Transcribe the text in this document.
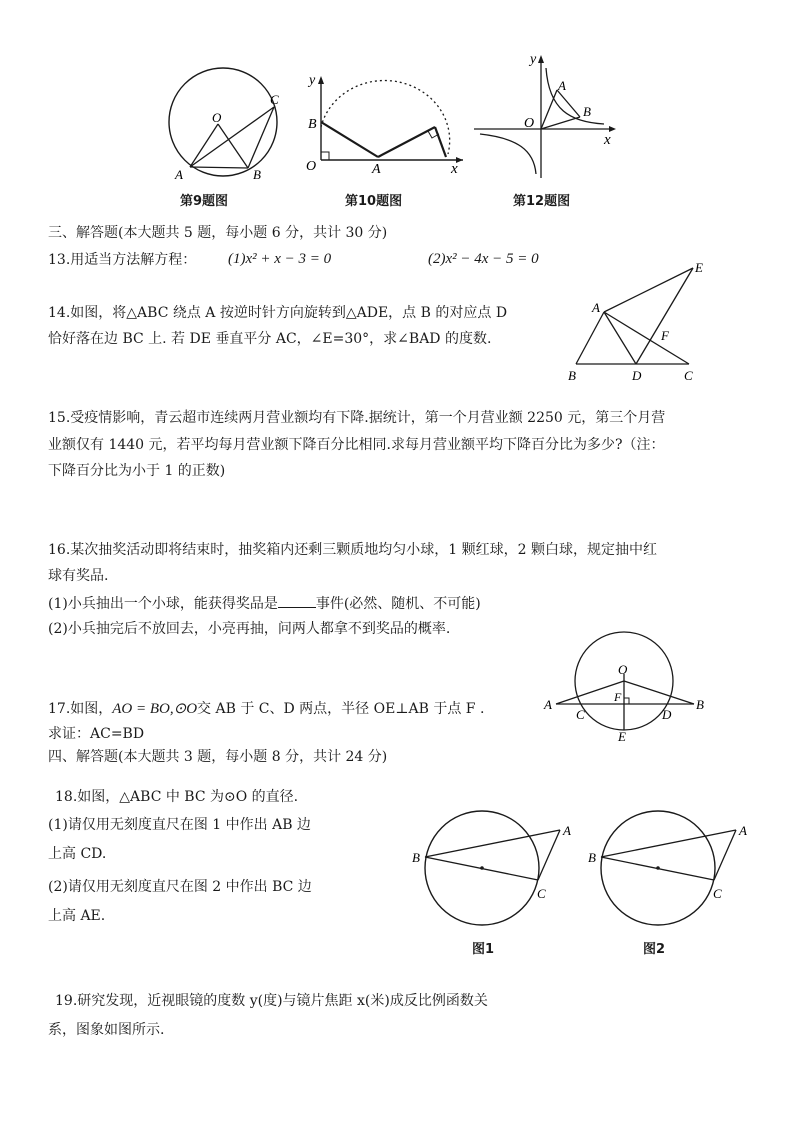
O
A	B
C
第9题图
y
B
O	A	x
第10题图
y
A
B
O
x
第12题图
三、解答题(本大题共 5 题，每小题 6 分，共计 30 分)
13.用适当方法解方程： (1)x² + x − 3 = 0	(2)x² − 4x − 5 = 0
14.如图，将△ABC 绕点 A 按逆时针方向旋转到△ADE，点 B 的对应点 D
恰好落在边 BC 上. 若 DE 垂直平分 AC，∠E=30°，求∠BAD 的度数.
E
A
F
B	D	C
15.受疫情影响，青云超市连续两月营业额均有下降.据统计，第一个月营业额 2250 元，第三个月营
业额仅有 1440 元，若平均每月营业额下降百分比相同.求每月营业额平均下降百分比为多少?（注：
下降百分比为小于 1 的正数)
16.某次抽奖活动即将结束时，抽奖箱内还剩三颗质地均匀小球，1 颗红球，2 颗白球，规定抽中红
球有奖品.
(1)小兵抽出一个小球，能获得奖品是	事件(必然、随机、不可能)
(2)小兵抽完后不放回去，小亮再抽，问两人都拿不到奖品的概率.
O
F
A	B
C	D
E
17.如图，AO = BO,⊙O交 AB 于 C、D 两点，半径 OE⊥AB 于点 F .
求证：AC=BD
四、解答题(本大题共 3 题，每小题 8 分，共计 24 分)
18.如图，△ABC 中 BC 为⊙O 的直径.
(1)请仅用无刻度直尺在图 1 中作出 AB 边
上高 CD.
(2)请仅用无刻度直尺在图 2 中作出 BC 边
上高 AE.
B
A
C
图1
B
A
C
图2
19.研究发现，近视眼镜的度数 y(度)与镜片焦距 x(米)成反比例函数关
系，图象如图所示.
